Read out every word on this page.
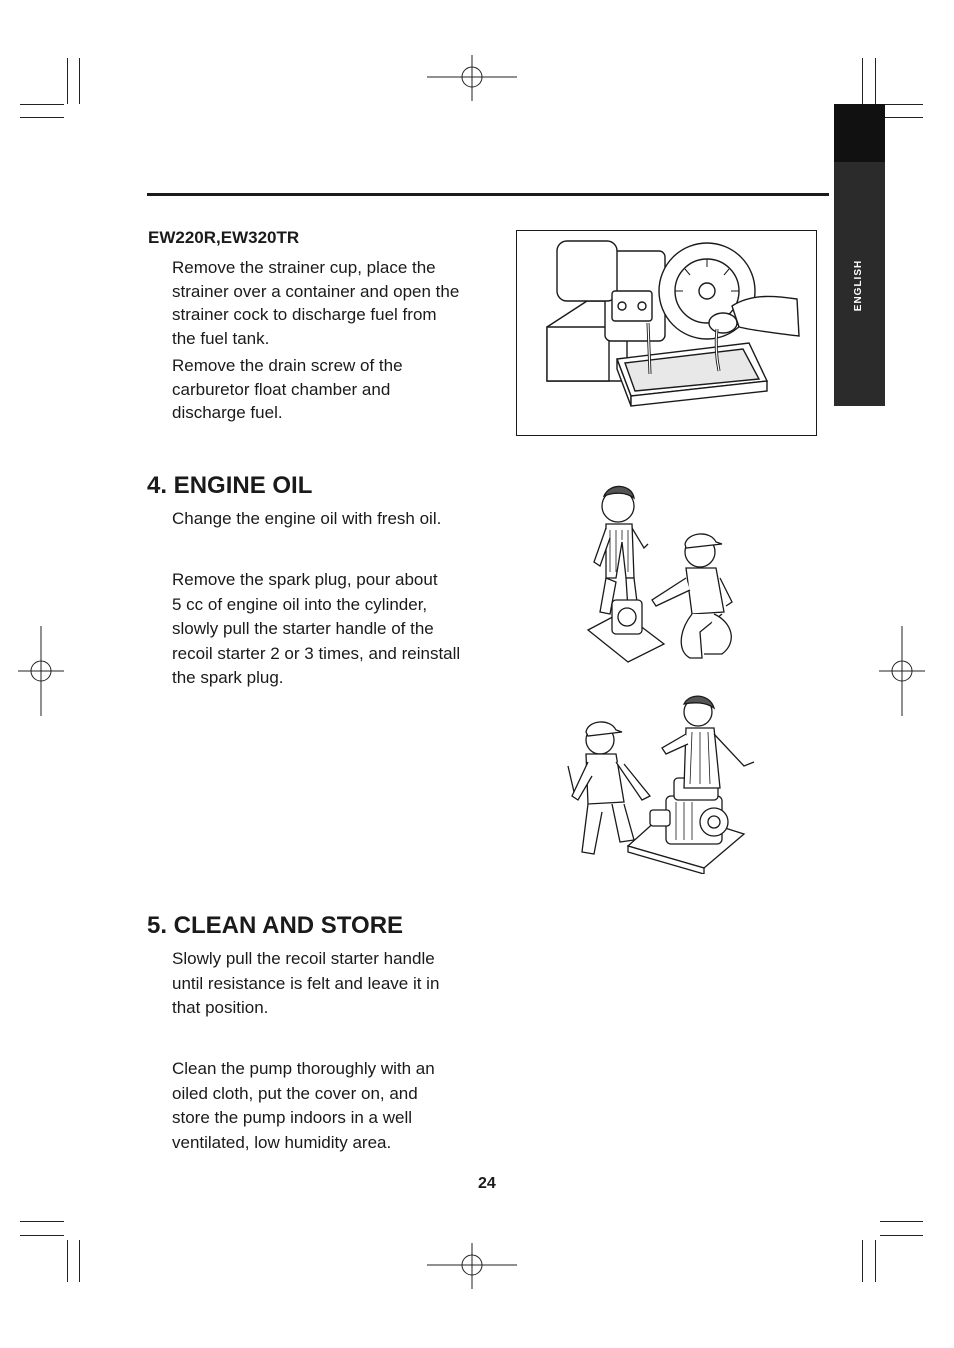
ENGLISH
EW220R,EW320TR
Remove the strainer cup, place the
strainer over a container and open the
strainer cock to discharge fuel from
the fuel tank.
Remove the drain screw of the
carburetor float chamber and
discharge fuel.
4. ENGINE OIL
Change the engine oil with fresh oil.
Remove the spark plug, pour about
5 cc of engine oil into the cylinder,
slowly pull the starter handle of the
recoil starter 2 or 3 times, and reinstall
the spark plug.
5. CLEAN AND STORE
Slowly pull the recoil starter handle
until resistance is felt and leave it in
that position.
Clean the pump thoroughly with an
oiled cloth, put the cover on, and
store the pump indoors in a well
ventilated, low humidity area.
24
